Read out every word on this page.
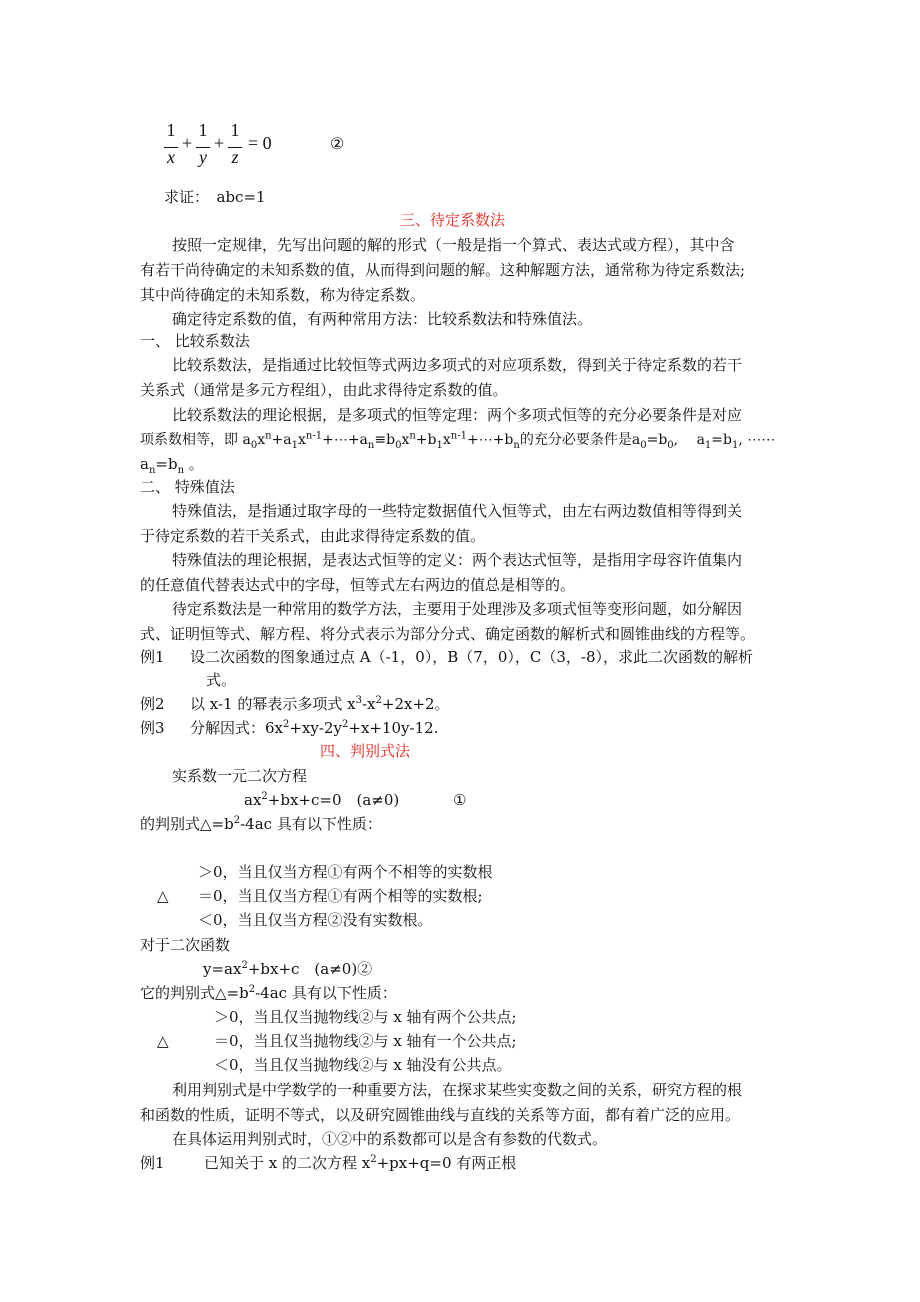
1
x
+
1
y
+
1
z
= 0	②
求证：　abc=1
三、待定系数法
按照一定规律，先写出问题的解的形式（一般是指一个算式、表达式或方程），其中含
有若干尚待确定的未知系数的值，从而得到问题的解。这种解题方法，通常称为待定系数法;
其中尚待确定的未知系数，称为待定系数。
确定待定系数的值，有两种常用方法：比较系数法和特殊值法。
一、 比较系数法
比较系数法，是指通过比较恒等式两边多项式的对应项系数，得到关于待定系数的若干
关系式（通常是多元方程组），由此求得待定系数的值。
比较系数法的理论根据，是多项式的恒等定理：两个多项式恒等的充分必要条件是对应
项系数相等，即 $a_0x^n+a_1x^{n-1}+\cdots+a_n\equiv b_0x^n+b_1x^{n-1}+\cdots+b_n$的充分必要条件是$a_0=b_0$,　 $a_1=b_1$, ⋯⋯
$a_n=b_n$ 。
二、 特殊值法
特殊值法，是指通过取字母的一些特定数据值代入恒等式，由左右两边数值相等得到关
于待定系数的若干关系式，由此求得待定系数的值。
特殊值法的理论根据，是表达式恒等的定义：两个表达式恒等，是指用字母容许值集内
的任意值代替表达式中的字母，恒等式左右两边的值总是相等的。
待定系数法是一种常用的数学方法，主要用于处理涉及多项式恒等变形问题，如分解因
式、证明恒等式、解方程、将分式表示为部分分式、确定函数的解析式和圆锥曲线的方程等。
例1 设二次函数的图象通过点 A（-1，0），B（7，0），C（3，-8），求此二次函数的解析
式。
例2 以 x-1 的幂表示多项式 $x^3-x^2+2x+2$。
例3 分解因式：$6x^2+xy-2y^2+x+10y-12$.
四、判别式法
实系数一元二次方程
$ax^2+bx+c=0$　(a≠0)	①
的判别式$\triangle=b^2-4ac$ 具有以下性质：
＞0，当且仅当方程①有两个不相等的实数根
△ ＝0，当且仅当方程①有两个相等的实数根;
＜0，当且仅当方程②没有实数根。
对于二次函数
$y=ax^2+bx+c$　(a≠0)②
它的判别式$\triangle=b^2-4ac$ 具有以下性质：
＞0，当且仅当抛物线②与 x 轴有两个公共点;
△	＝0，当且仅当抛物线②与 x 轴有一个公共点;
＜0，当且仅当抛物线②与 x 轴没有公共点。
利用判别式是中学数学的一种重要方法，在探求某些实变数之间的关系，研究方程的根
和函数的性质，证明不等式，以及研究圆锥曲线与直线的关系等方面，都有着广泛的应用。
在具体运用判别式时，①②中的系数都可以是含有参数的代数式。
例1	已知关于 x 的二次方程 $x^2+px+q=0$ 有两正根
